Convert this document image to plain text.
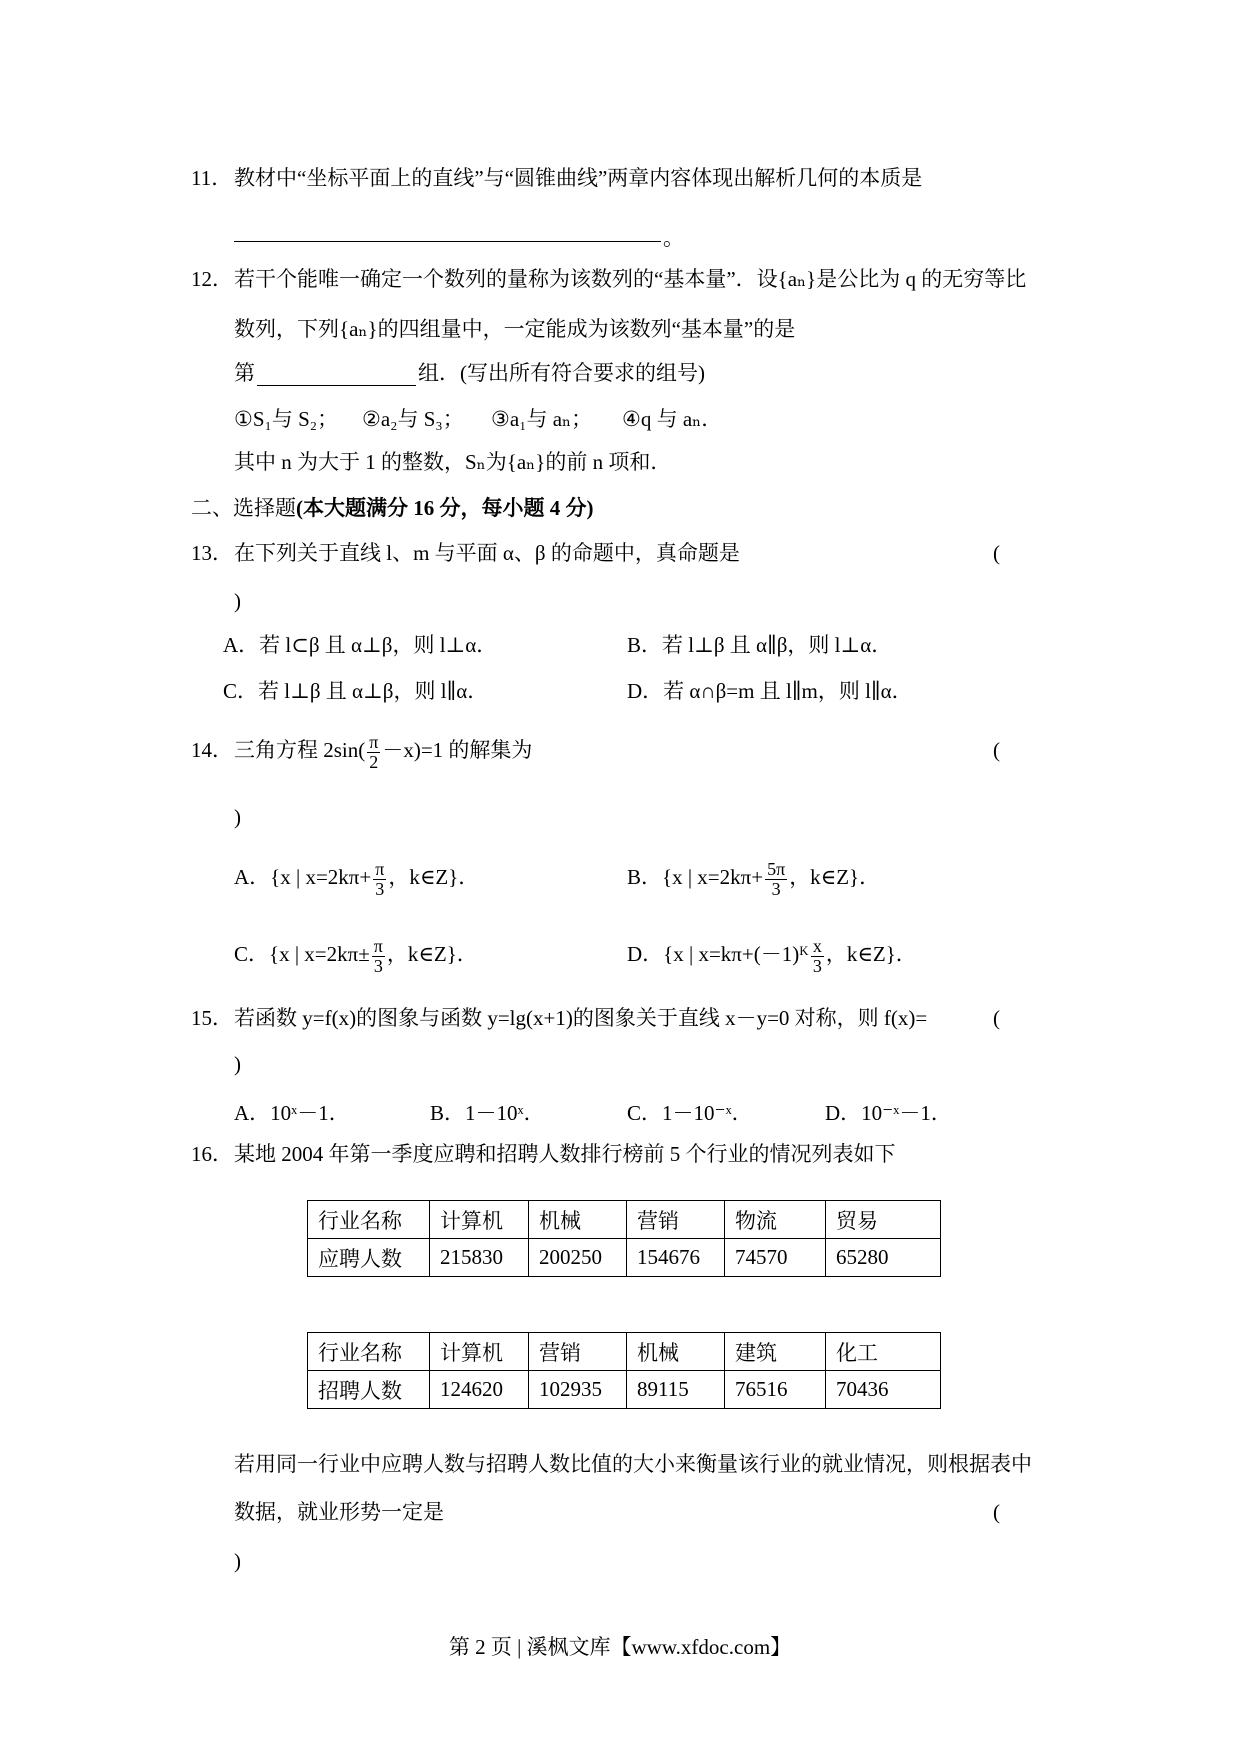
11． 教材中“坐标平面上的直线”与“圆锥曲线”两章内容体现出解析几何的本质是
。
12． 若干个能唯一确定一个数列的量称为该数列的“基本量”．设{aₙ}是公比为 q 的无穷等比
数列，下列{aₙ}的四组量中，一定能成为该数列“基本量”的是
第	组．(写出所有符合要求的组号)
①S₁与 S₂； ②a₂与 S₃； ③a₁与 aₙ； ④q 与 aₙ．
其中 n 为大于 1 的整数，Sₙ为{aₙ}的前 n 项和．
二、选择题(本大题满分 16 分，每小题 4 分)
13． 在下列关于直线 l、m 与平面 α、β 的命题中，真命题是	(
)
A．若 l⊂β 且 α⊥β，则 l⊥α．	B．若 l⊥β 且 α∥β，则 l⊥α．
C．若 l⊥β 且 α⊥β，则 l∥α．	D．若 α∩β=m 且 l∥m，则 l∥α．
14． 三角方程 $2\sin( \frac{\pi}{2} -x)=1$ 的解集为	(
)
A．{x | $x=2k\pi+ \frac{\pi}{3}$ ，k∈Z}．	B．{x | $x=2k\pi+ \frac{5\pi}{3}$ ，k∈Z}．
C．{x | $x=2k\pi\pm \frac{\pi}{3}$ ，k∈Z}．	D．{x | x=kπ+(－1)ᴷ $\frac{x}{3}$ ，k∈Z}．
15． 若函数 y=f(x)的图象与函数 y=lg(x+1)的图象关于直线 x－y=0 对称，则 f(x)=	(
)
A．10ˣ－1．	B．1－10ˣ．	C．1－10⁻ˣ．	D．10⁻ˣ－1．
16． 某地 2004 年第一季度应聘和招聘人数排行榜前 5 个行业的情况列表如下
行业名称	计算机	机械	营销	物流	贸易
应聘人数	215830	200250	154676	74570	65280
行业名称	计算机	营销	机械	建筑	化工
招聘人数	124620	102935	89115	76516	70436
若用同一行业中应聘人数与招聘人数比值的大小来衡量该行业的就业情况，则根据表中
数据，就业形势一定是	(
)
第 2 页 | 溪枫文库【www.xfdoc.com】
